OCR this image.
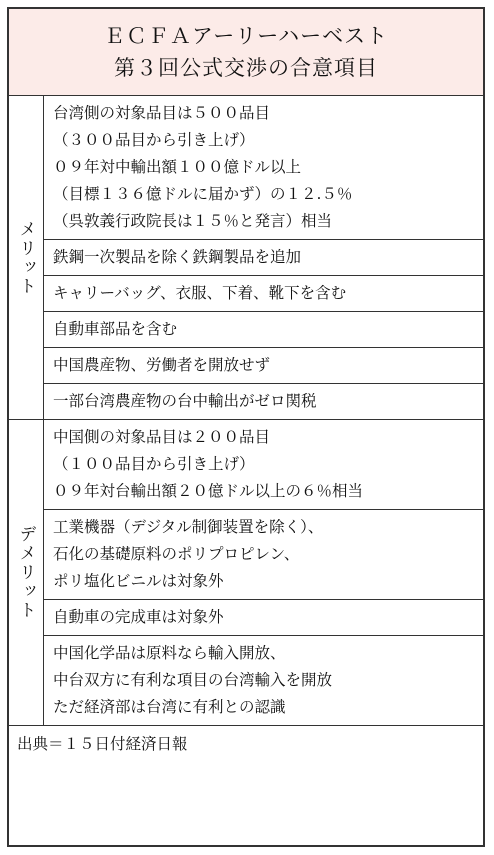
ＥＣＦＡアーリーハーベスト
第３回公式交渉の合意項目
メリット
台湾側の対象品目は５００品目
（３００品目から引き上げ）
０９年対中輸出額１００億ドル以上
（目標１３６億ドルに届かず）の１２.５％
（呉敦義行政院長は１５％と発言）相当
鉄鋼一次製品を除く鉄鋼製品を追加
キャリーバッグ、衣服、下着、靴下を含む
自動車部品を含む
中国農産物、労働者を開放せず
一部台湾農産物の台中輸出がゼロ関税
デメリット
中国側の対象品目は２００品目
（１００品目から引き上げ）
０９年対台輸出額２０億ドル以上の６％相当
工業機器（デジタル制御装置を除く）、
石化の基礎原料のポリプロピレン、
ポリ塩化ビニルは対象外
自動車の完成車は対象外
中国化学品は原料なら輸入開放、
中台双方に有利な項目の台湾輸入を開放
ただ経済部は台湾に有利との認識
出典＝１５日付経済日報
